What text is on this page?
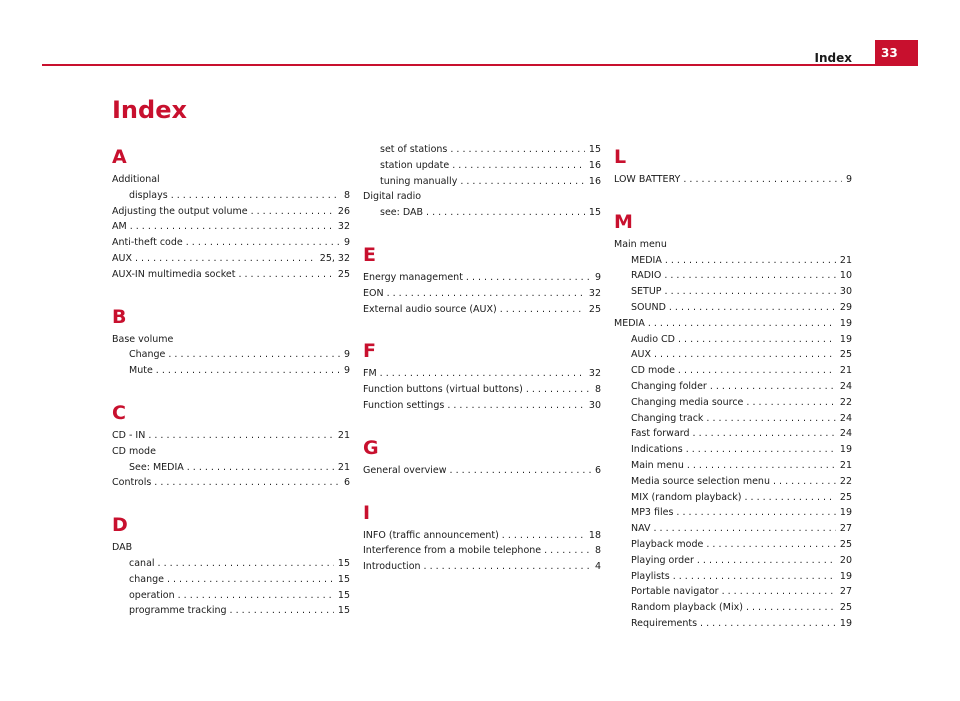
Index	33
Index
A
Additional
displays . . .	8
Adjusting the output volume . . .	26
AM . . .	32
Anti-theft code . . .	9
AUX . . .	25, 32
AUX-IN multimedia socket . . .	25
B
Base volume
Change . . .	9
Mute . . .	9
C
CD - IN . . .	21
CD mode
See: MEDIA . . .	21
Controls . . .	6
D
DAB
canal . . .	15
change . . .	15
operation . . .	15
programme tracking . . .	15
set of stations . . .	15
station update . . .	16
tuning manually . . .	16
Digital radio
see: DAB . . .	15
E
Energy management . . .	9
EON . . .	32
External audio source (AUX) . . .	25
F
FM . . .	32
Function buttons (virtual buttons) . . .	8
Function settings . . .	30
G
General overview . . .	6
I
INFO (traffic announcement) . . .	18
Interference from a mobile telephone . . .	8
Introduction . . .	4
L
LOW BATTERY . . .	9
M
Main menu
MEDIA . . .	21
RADIO . . .	10
SETUP . . .	30
SOUND . . .	29
MEDIA . . .	19
Audio CD . . .	19
AUX . . .	25
CD mode . . .	21
Changing folder . . .	24
Changing media source . . .	22
Changing track . . .	24
Fast forward . . .	24
Indications . . .	19
Main menu . . .	21
Media source selection menu . . .	22
MIX (random playback) . . .	25
MP3 files . . .	19
NAV . . .	27
Playback mode . . .	25
Playing order . . .	20
Playlists . . .	19
Portable navigator . . .	27
Random playback (Mix) . . .	25
Requirements . . .	19
